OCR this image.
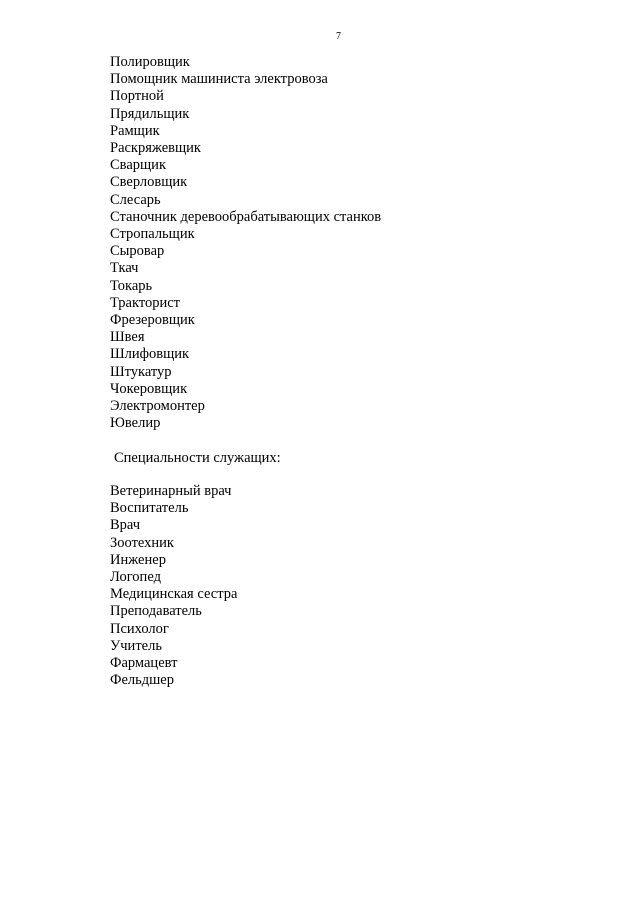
7
Полировщик
Помощник машиниста электровоза
Портной
Прядильщик
Рамщик
Раскряжевщик
Сварщик
Сверловщик
Слесарь
Станочник деревообрабатывающих станков
Стропальщик
Сыровар
Ткач
Токарь
Тракторист
Фрезеровщик
Швея
Шлифовщик
Штукатур
Чокеровщик
Электромонтер
Ювелир
Специальности служащих:
Ветеринарный врач
Воспитатель
Врач
Зоотехник
Инженер
Логопед
Медицинская сестра
Преподаватель
Психолог
Учитель
Фармацевт
Фельдшер
